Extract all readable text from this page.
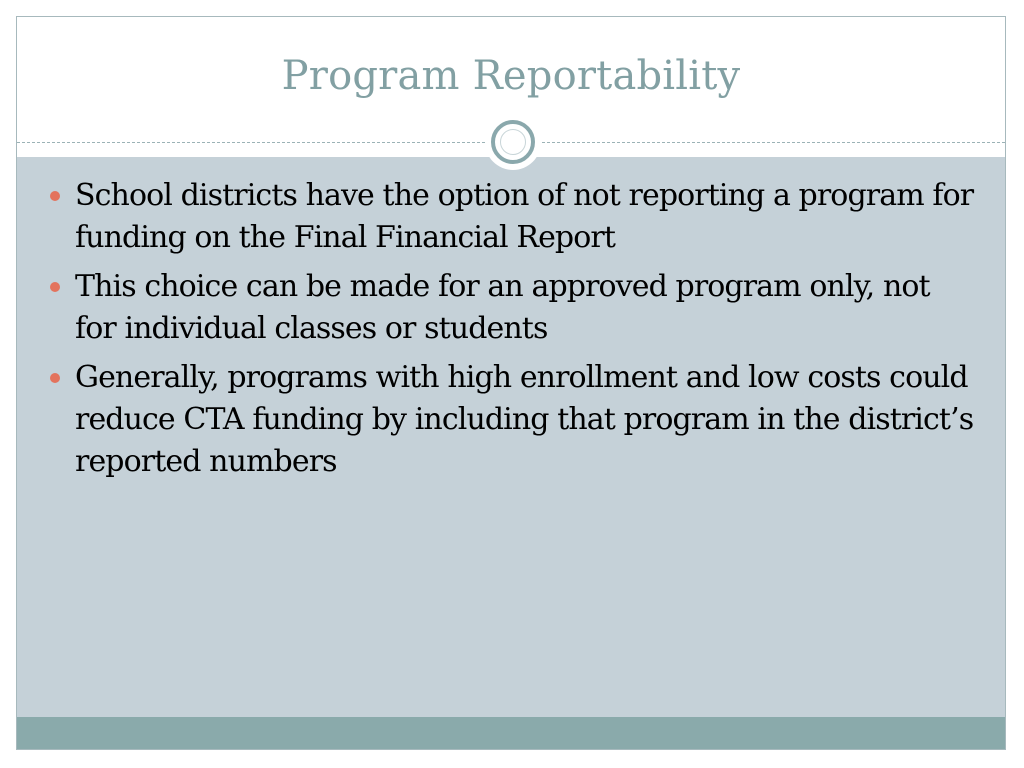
Program Reportability
School districts have the option of not reporting a program for funding on the Final Financial Report
This choice can be made for an approved program only, not for individual classes or students
Generally, programs with high enrollment and low costs could reduce CTA funding by including that program in the district’s reported numbers
